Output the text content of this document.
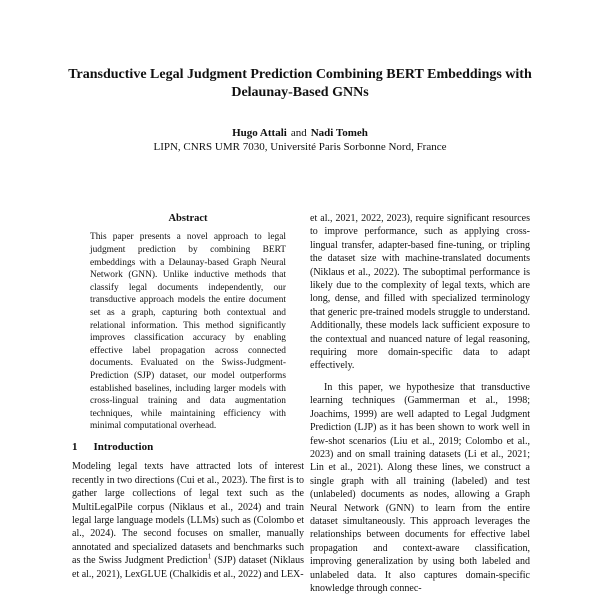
Transductive Legal Judgment Prediction Combining BERT Embeddings with Delaunay-Based GNNs
Hugo Attali and Nadi Tomeh
LIPN, CNRS UMR 7030, Université Paris Sorbonne Nord, France
Abstract

This paper presents a novel approach to legal judgment prediction by combining BERT embeddings with a Delaunay-based Graph Neural Network (GNN). Unlike inductive methods that classify legal documents independently, our transductive approach models the entire document set as a graph, capturing both contextual and relational information. This method significantly improves classification accuracy by enabling effective label propagation across connected documents. Evaluated on the Swiss-Judgment-Prediction (SJP) dataset, our model outperforms established baselines, including larger models with cross-lingual training and data augmentation techniques, while maintaining efficiency with minimal computational overhead.

1 Introduction

Modeling legal texts have attracted lots of interest recently in two directions (Cui et al., 2023). The first is to gather large collections of legal text such as the MultiLegalPile corpus (Niklaus et al., 2024) and train legal large language models (LLMs) such as (Colombo et al., 2024). The second focuses on smaller, manually annotated and specialized datasets and benchmarks such as the Swiss Judgment Prediction$^1$ (SJP) dataset (Niklaus et al., 2021), LexGLUE (Chalkidis et al., 2022) and LEX-

et al., 2021, 2022, 2023), require significant resources to improve performance, such as applying cross-lingual transfer, adapter-based fine-tuning, or tripling the dataset size with machine-translated documents (Niklaus et al., 2022). The suboptimal performance is likely due to the complexity of legal texts, which are long, dense, and filled with specialized terminology that generic pre-trained models struggle to understand. Additionally, these models lack sufficient exposure to the contextual and nuanced nature of legal reasoning, requiring more domain-specific data to adapt effectively.

In this paper, we hypothesize that transductive learning techniques (Gammerman et al., 1998; Joachims, 1999) are well adapted to Legal Judgment Prediction (LJP) as it has been shown to work well in few-shot scenarios (Liu et al., 2019; Colombo et al., 2023) and on small training datasets (Li et al., 2021; Lin et al., 2021). Along these lines, we construct a single graph with all training (labeled) and test (unlabeled) documents as nodes, allowing a Graph Neural Network (GNN) to learn from the entire dataset simultaneously. This approach leverages the relationships between documents for effective label propagation and context-aware classification, improving generalization by using both labeled and unlabeled data. It also captures domain-specific knowledge through connec-
